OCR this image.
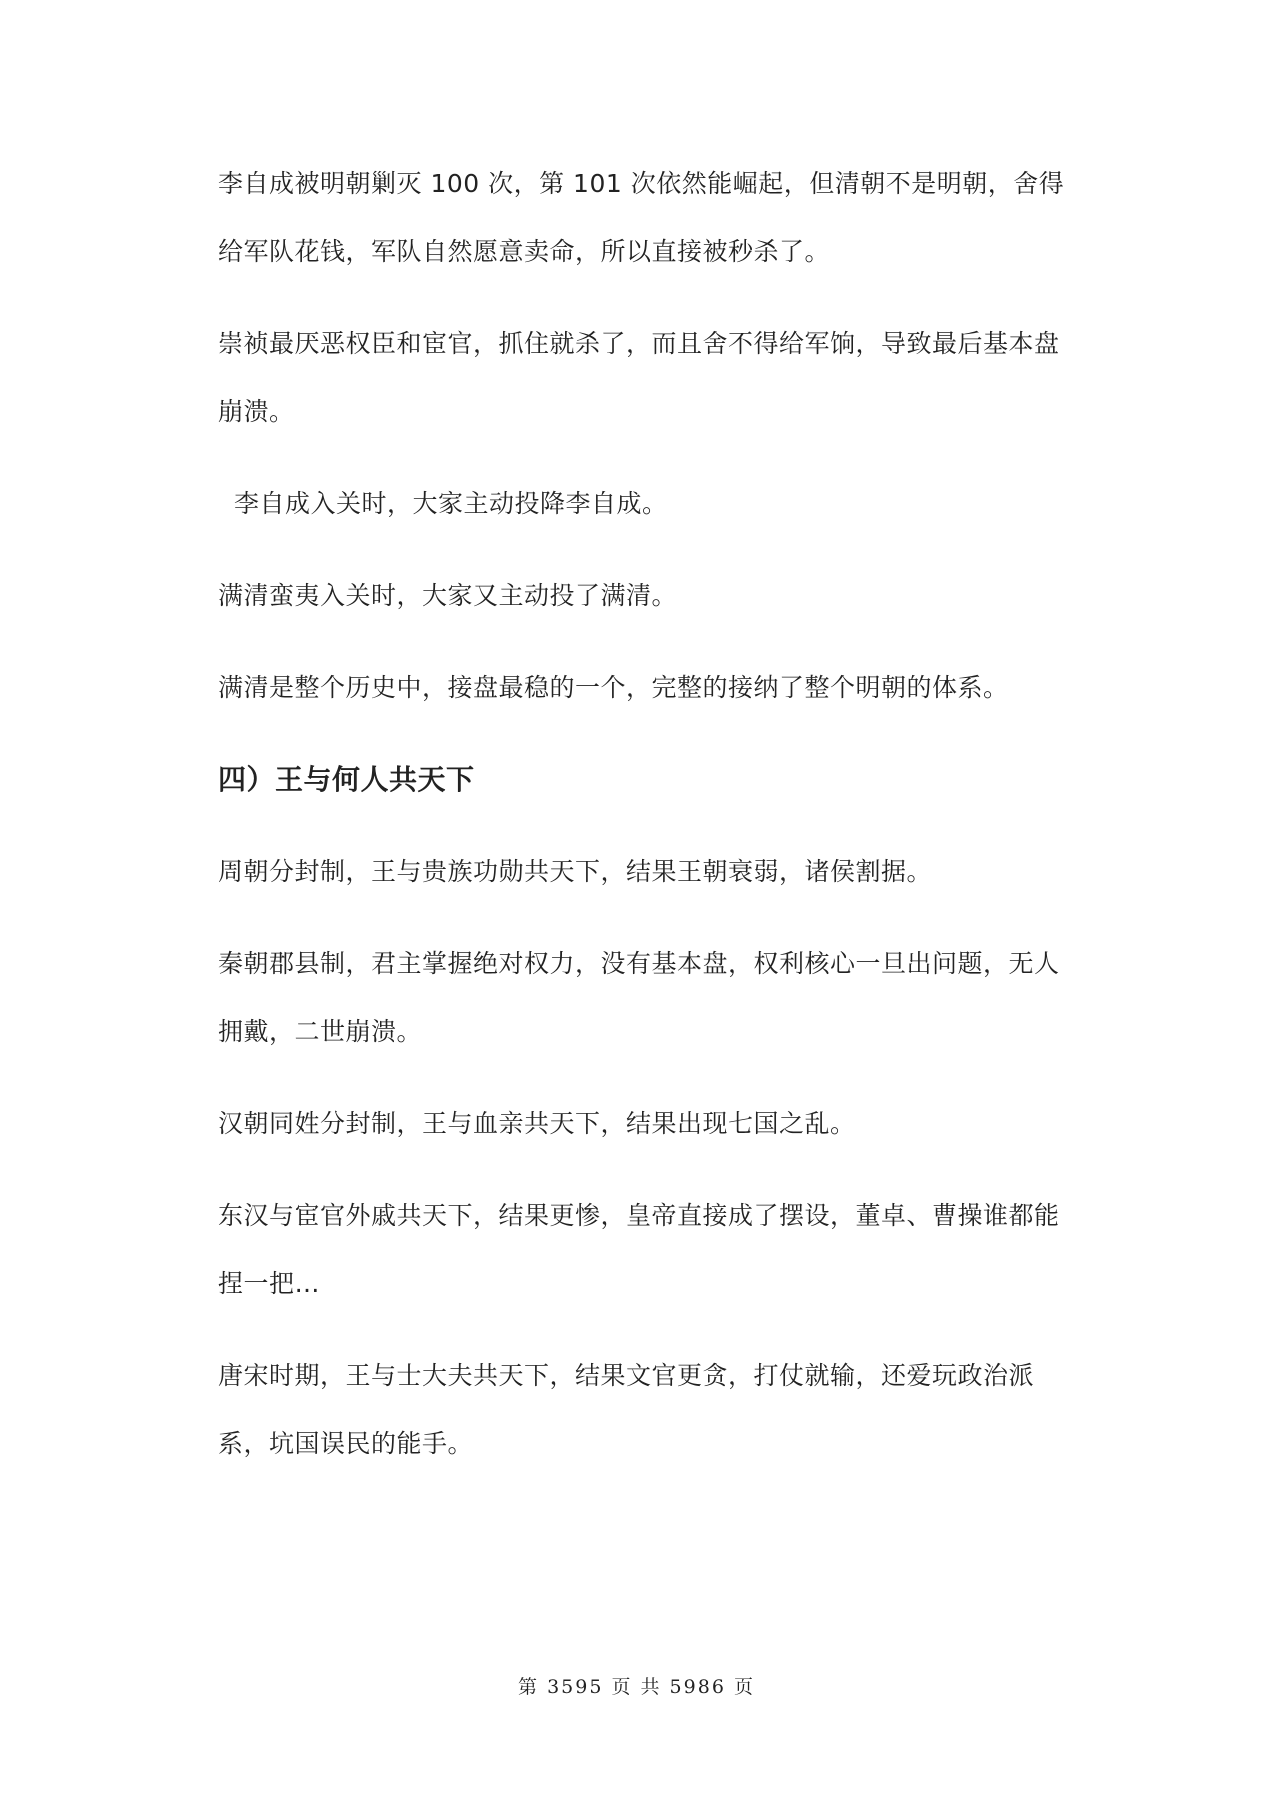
李自成被明朝剿灭 100 次，第 101 次依然能崛起，但清朝不是明朝，舍得给军队花钱，军队自然愿意卖命，所以直接被秒杀了。

崇祯最厌恶权臣和宦官，抓住就杀了，而且舍不得给军饷，导致最后基本盘崩溃。

李自成入关时，大家主动投降李自成。

满清蛮夷入关时，大家又主动投了满清。

满清是整个历史中，接盘最稳的一个，完整的接纳了整个明朝的体系。

四）王与何人共天下

周朝分封制，王与贵族功勋共天下，结果王朝衰弱，诸侯割据。

秦朝郡县制，君主掌握绝对权力，没有基本盘，权利核心一旦出问题，无人拥戴，二世崩溃。

汉朝同姓分封制，王与血亲共天下，结果出现七国之乱。

东汉与宦官外戚共天下，结果更惨，皇帝直接成了摆设，董卓、曹操谁都能捏一把…

唐宋时期，王与士大夫共天下，结果文官更贪，打仗就输，还爱玩政治派系，坑国误民的能手。

第 3595 页 共 5986 页
